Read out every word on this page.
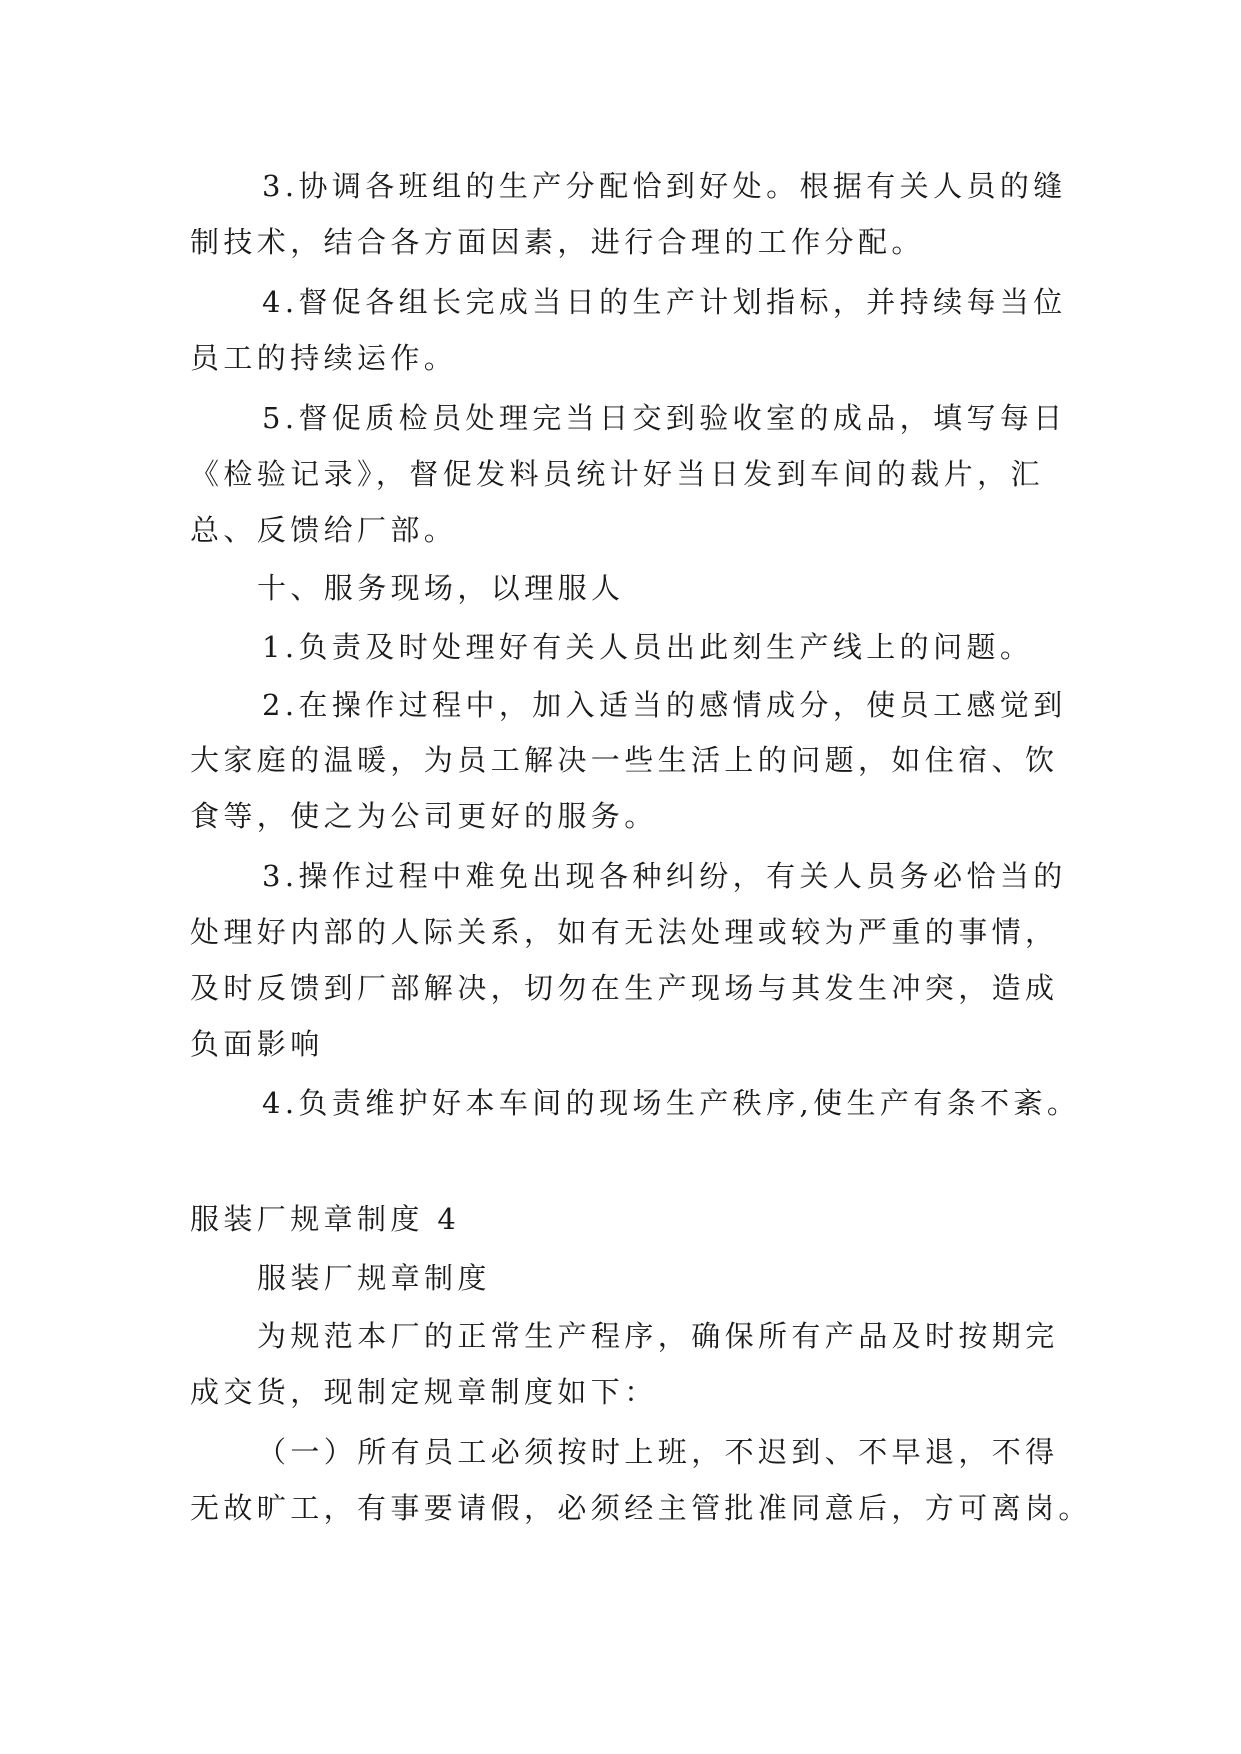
3.协调各班组的生产分配恰到好处。根据有关人员的缝

制技术，结合各方面因素，进行合理的工作分配。

4.督促各组长完成当日的生产计划指标，并持续每当位

员工的持续运作。

5.督促质检员处理完当日交到验收室的成品，填写每日

《检验记录》，督促发料员统计好当日发到车间的裁片，汇

总、反馈给厂部。

十、服务现场，以理服人

1.负责及时处理好有关人员出此刻生产线上的问题。

2.在操作过程中，加入适当的感情成分，使员工感觉到

大家庭的温暖，为员工解决一些生活上的问题，如住宿、饮

食等，使之为公司更好的服务。

3.操作过程中难免出现各种纠纷，有关人员务必恰当的

处理好内部的人际关系，如有无法处理或较为严重的事情，

及时反馈到厂部解决，切勿在生产现场与其发生冲突，造成

负面影响

4.负责维护好本车间的现场生产秩序,使生产有条不紊。

服装厂规章制度 4

服装厂规章制度

为规范本厂的正常生产程序，确保所有产品及时按期完

成交货，现制定规章制度如下：

（一）所有员工必须按时上班，不迟到、不早退，不得

无故旷工，有事要请假，必须经主管批准同意后，方可离岗。
